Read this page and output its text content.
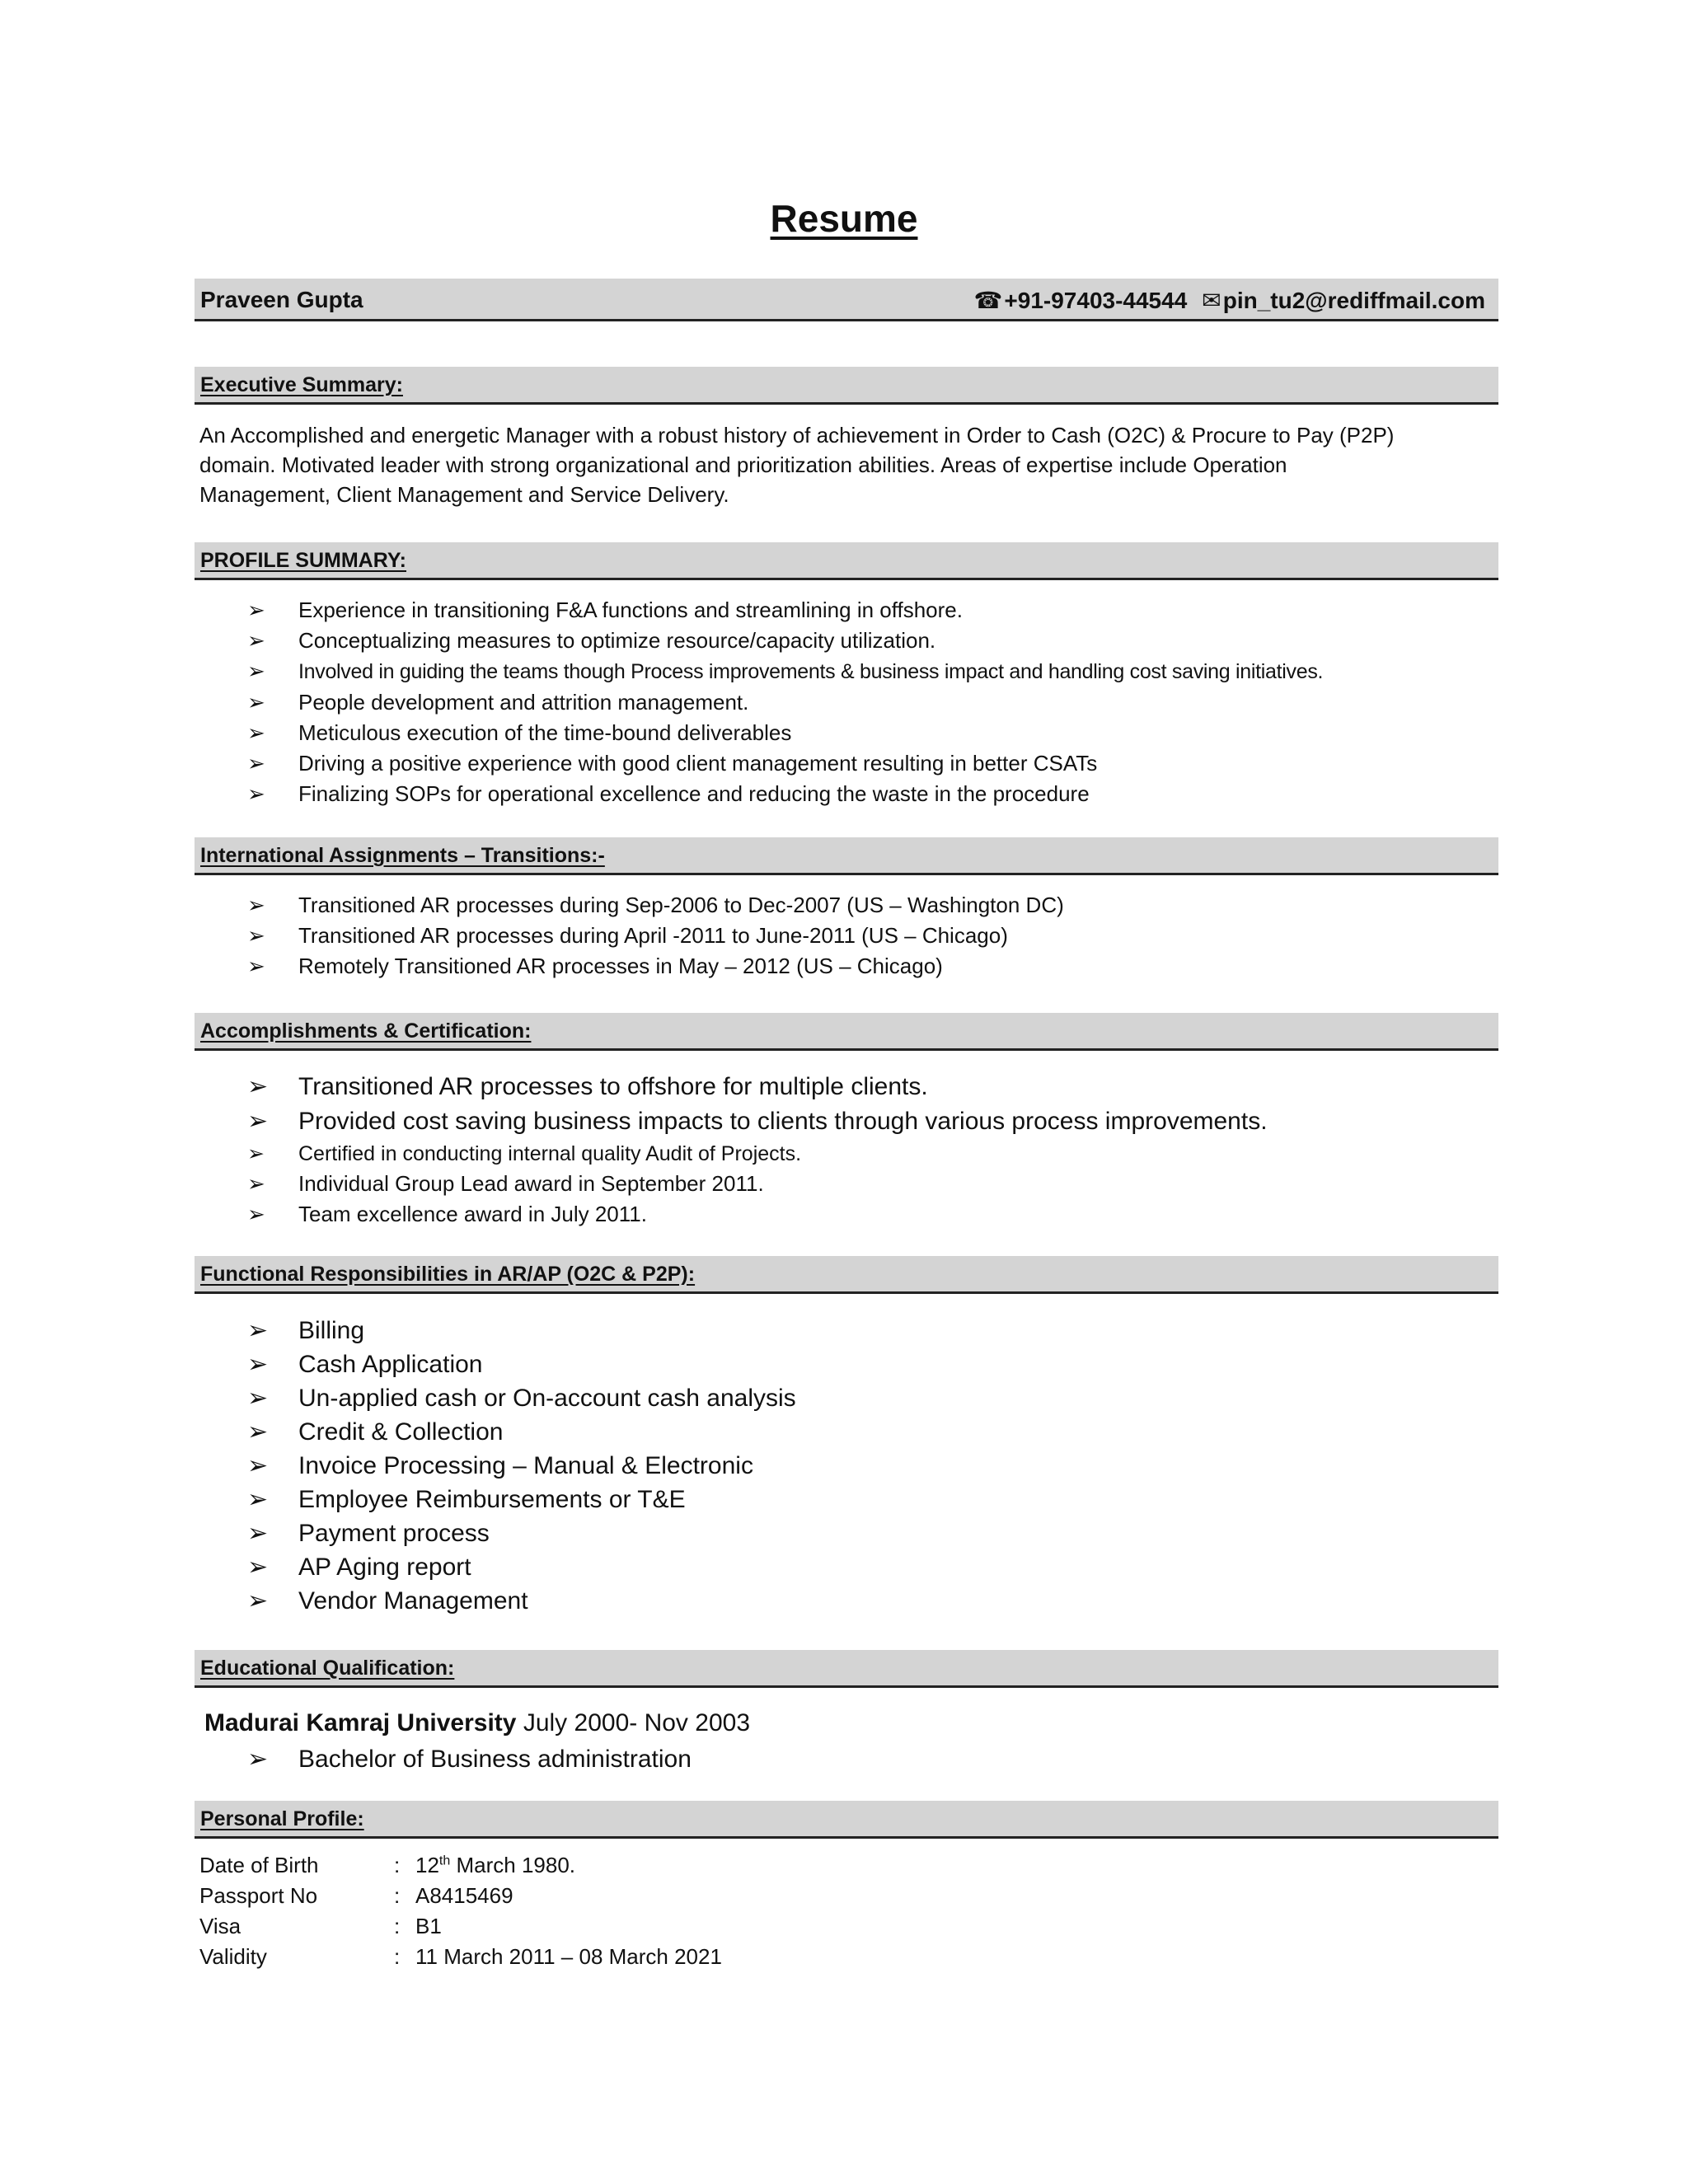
Resume
Praveen Gupta	☎+91-97403-44544 ✉pin_tu2@rediffmail.com
Executive Summary:

An Accomplished and energetic Manager with a robust history of achievement in Order to Cash (O2C) & Procure to Pay (P2P)

domain. Motivated leader with strong organizational and prioritization abilities. Areas of expertise include Operation

Management, Client Management and Service Delivery.

PROFILE SUMMARY:
➢ Experience in transitioning F&A functions and streamlining in offshore.
➢ Conceptualizing measures to optimize resource/capacity utilization.
➢ Involved in guiding the teams though Process improvements & business impact and handling cost saving initiatives.
➢ People development and attrition management.
➢ Meticulous execution of the time-bound deliverables
➢ Driving a positive experience with good client management resulting in better CSATs
➢ Finalizing SOPs for operational excellence and reducing the waste in the procedure
International Assignments – Transitions:-
➢ Transitioned AR processes during Sep-2006 to Dec-2007 (US – Washington DC)
➢ Transitioned AR processes during April -2011 to June-2011 (US – Chicago)
➢ Remotely Transitioned AR processes in May – 2012 (US – Chicago)
Accomplishments & Certification:
➢ Transitioned AR processes to offshore for multiple clients.
➢ Provided cost saving business impacts to clients through various process improvements.
➢ Certified in conducting internal quality Audit of Projects.
➢ Individual Group Lead award in September 2011.
➢ Team excellence award in July 2011.
Functional Responsibilities in AR/AP (O2C & P2P):
➢ Billing
➢ Cash Application
➢ Un-applied cash or On-account cash analysis
➢ Credit & Collection
➢ Invoice Processing – Manual & Electronic
➢ Employee Reimbursements or T&E
➢ Payment process
➢ AP Aging report
➢ Vendor Management
Educational Qualification:
Madurai Kamraj University July 2000- Nov 2003
➢ Bachelor of Business administration
Personal Profile:
Date of Birth	:	12th March 1980.
Passport No	:	A8415469
Visa	:	B1
Validity	:	11 March 2011 – 08 March 2021
